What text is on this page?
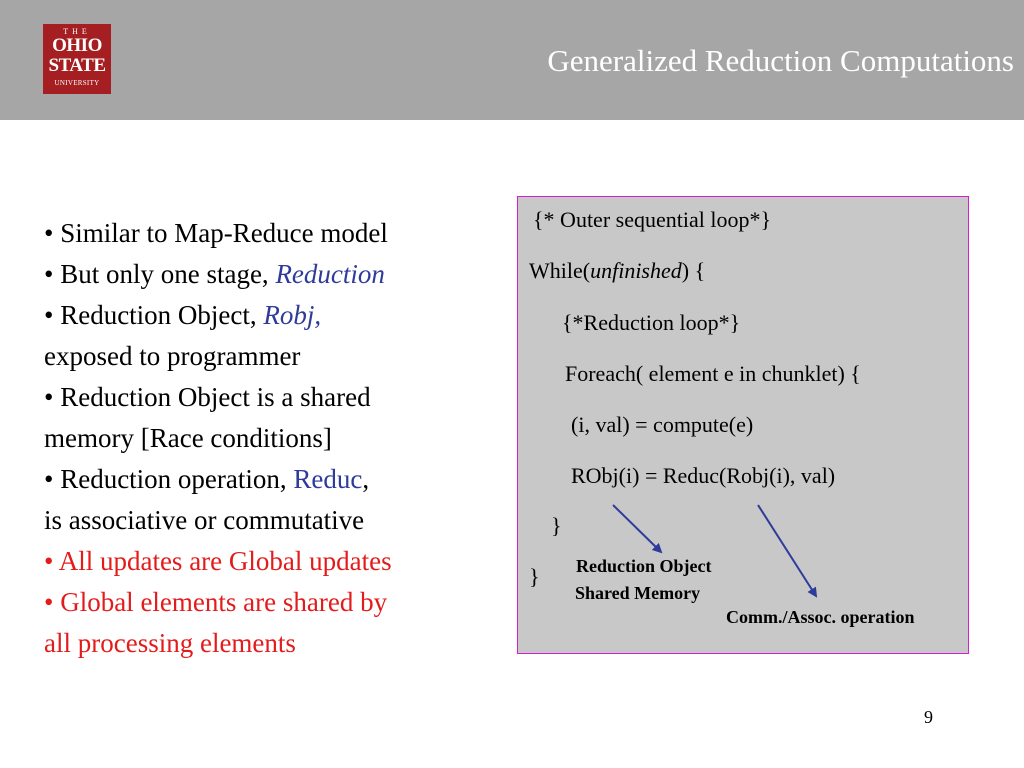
THE
OHIO
STATE
UNIVERSITY
Generalized Reduction Computations
• Similar to Map-Reduce model
• But only one stage, Reduction
• Reduction Object, Robj,
exposed to programmer
• Reduction Object is a shared
memory [Race conditions]
• Reduction operation, Reduc,
is associative or commutative
• All updates are Global updates
• Global elements are shared by
all processing elements
{* Outer sequential loop*}
While(unfinished) {
{*Reduction loop*}
Foreach( element e in chunklet) {
(i, val) = compute(e)
RObj(i) = Reduc(Robj(i), val)
}
} Reduction Object
Shared Memory
Comm./Assoc. operation
9
